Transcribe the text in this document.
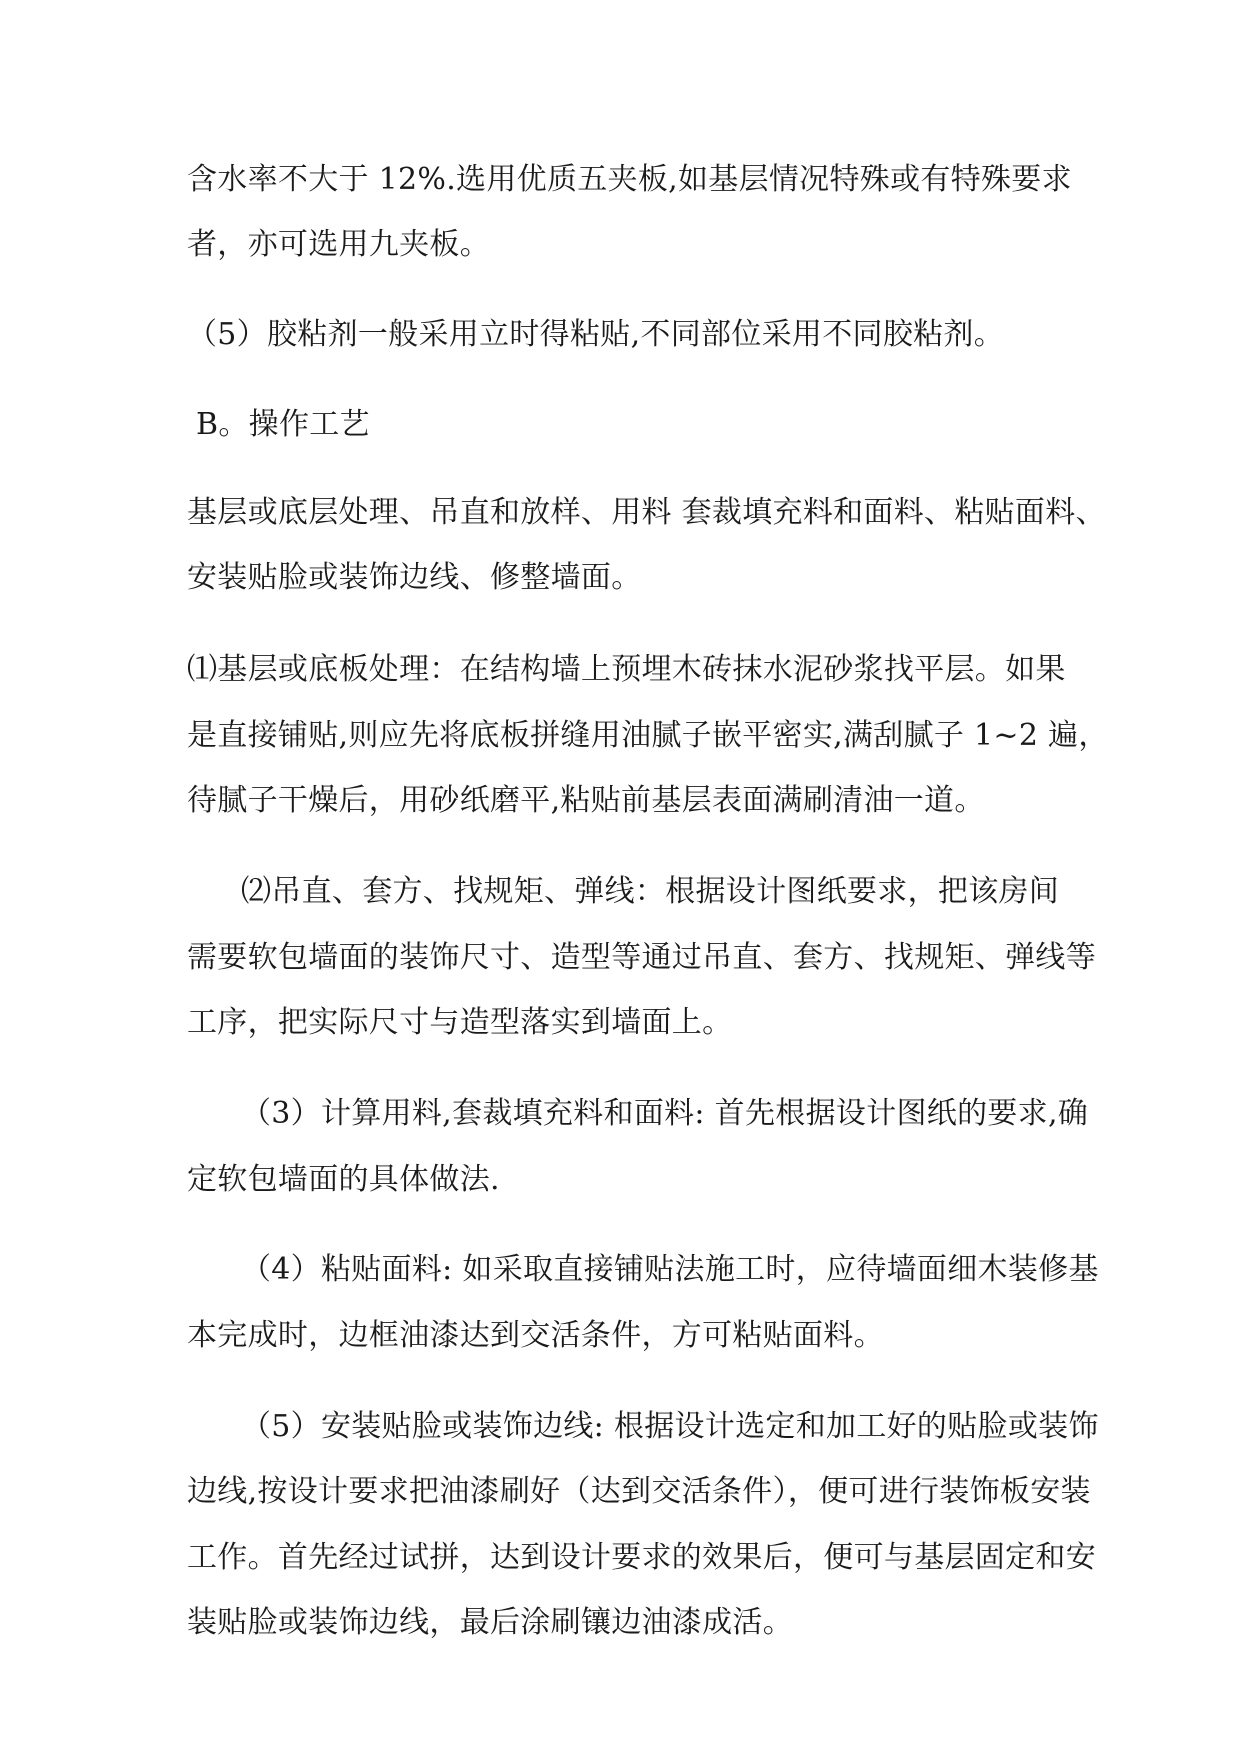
含水率不大于 12%.选用优质五夹板,如基层情况特殊或有特殊要求
者，亦可选用九夹板。
（5）胶粘剂一般采用立时得粘贴,不同部位采用不同胶粘剂。
B。操作工艺
基层或底层处理、吊直和放样、用料 套裁填充料和面料、粘贴面料、
安装贴脸或装饰边线、修整墙面。
⑴基层或底板处理：在结构墙上预埋木砖抹水泥砂浆找平层。如果
是直接铺贴,则应先将底板拼缝用油腻子嵌平密实,满刮腻子 1~2 遍，
待腻子干燥后，用砂纸磨平,粘贴前基层表面满刷清油一道。
⑵吊直、套方、找规矩、弹线：根据设计图纸要求，把该房间
需要软包墙面的装饰尺寸、造型等通过吊直、套方、找规矩、弹线等
工序，把实际尺寸与造型落实到墙面上。
（3）计算用料,套裁填充料和面料: 首先根据设计图纸的要求,确
定软包墙面的具体做法.
（4）粘贴面料: 如采取直接铺贴法施工时，应待墙面细木装修基
本完成时，边框油漆达到交活条件，方可粘贴面料。
（5）安装贴脸或装饰边线: 根据设计选定和加工好的贴脸或装饰
边线,按设计要求把油漆刷好（达到交活条件），便可进行装饰板安装
工作。首先经过试拼，达到设计要求的效果后，便可与基层固定和安
装贴脸或装饰边线，最后涂刷镶边油漆成活。
